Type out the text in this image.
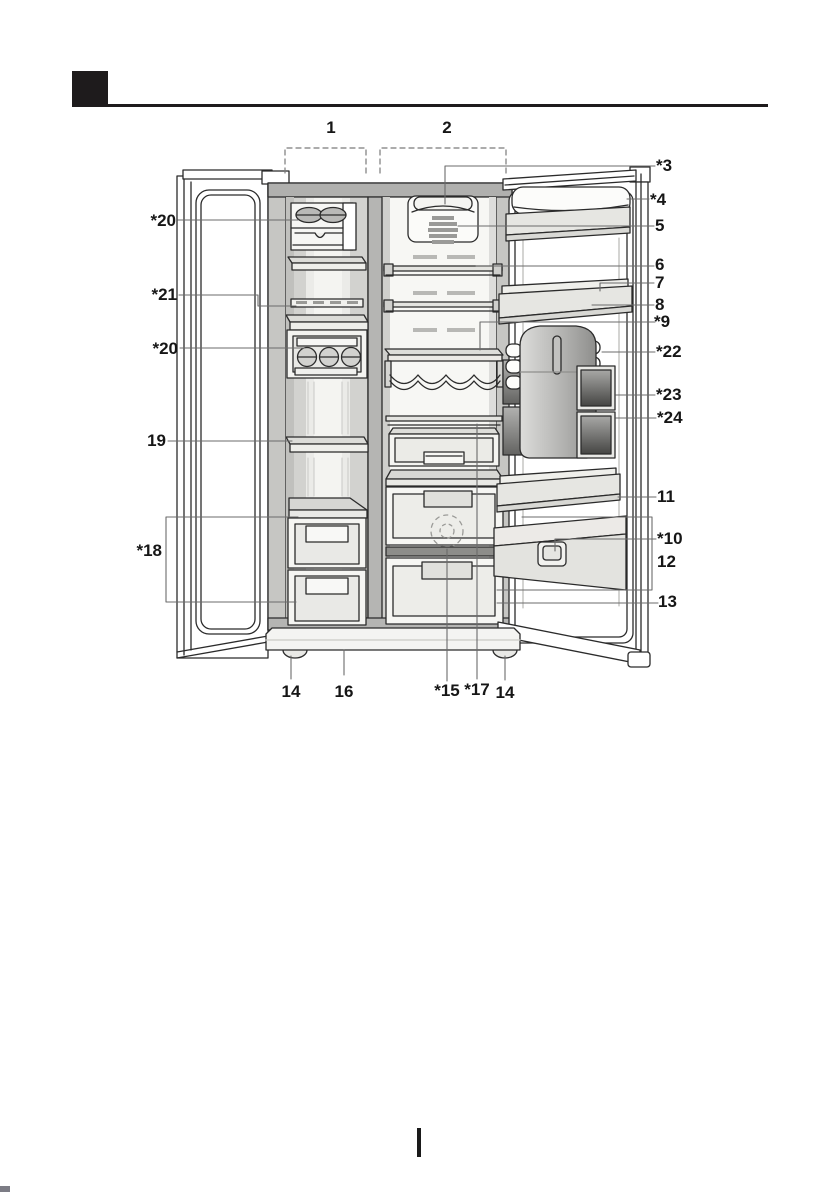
1	2
*3
*4
5
6
7
8
*9
*22
*23
*24
11
*10
12
13
*20
*21
*20
19
*18
14	16	*15 *17 14
